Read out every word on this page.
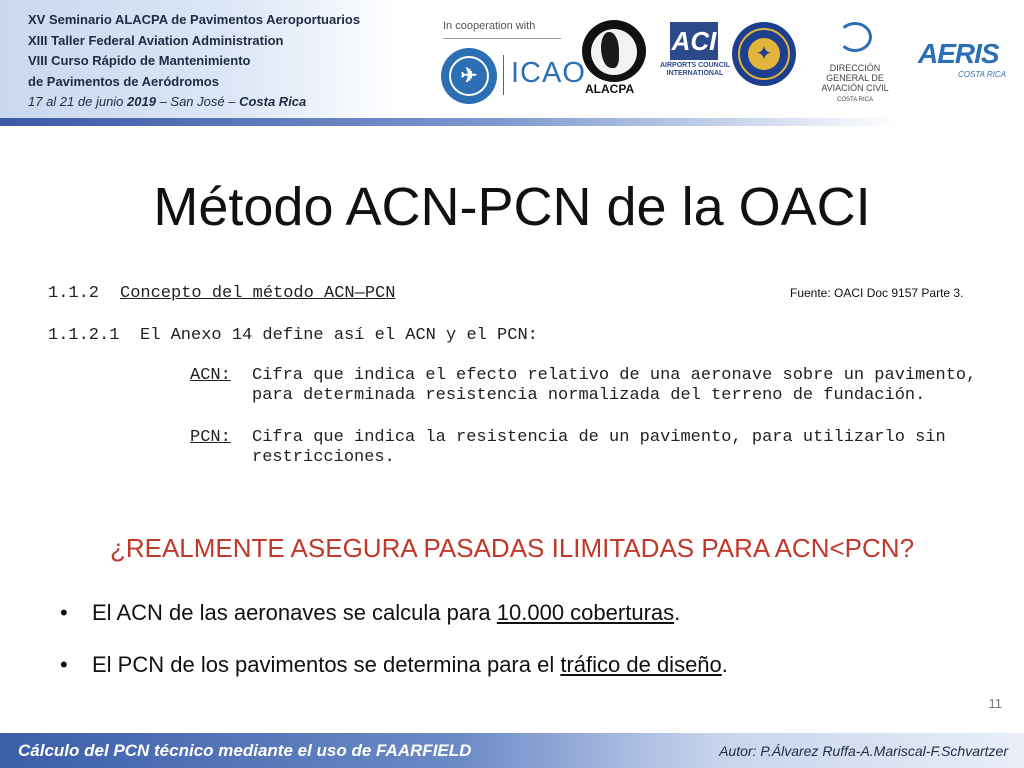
XV Seminario ALACPA de Pavimentos Aeroportuarios
XIII Taller Federal Aviation Administration
VIII Curso Rápido de Mantenimiento
de Pavimentos de Aeródromos
17 al 21 de junio 2019 – San José – Costa Rica
In cooperation with
✈ ICAO ALACPA
ACI
AIRPORTS COUNCIL INTERNATIONAL
✦
DIRECCIÓN GENERAL DE AVIACIÓN CIVIL
COSTA RICA
AERIS
COSTA RICA
Método ACN-PCN de la OACI
Fuente: OACI Doc 9157 Parte 3.
1.1.2 Concepto del método ACN—PCN
1.1.2.1 El Anexo 14 define así el ACN y el PCN:
ACN: Cifra que indica el efecto relativo de una aeronave sobre un pavimento,
para determinada resistencia normalizada del terreno de fundación.
PCN: Cifra que indica la resistencia de un pavimento, para utilizarlo sin
restricciones.
¿REALMENTE ASEGURA PASADAS ILIMITADAS PARA ACN<PCN?
• El ACN de las aeronaves se calcula para 10.000 coberturas.
• El PCN de los pavimentos se determina para el tráfico de diseño.
11
Cálculo del PCN técnico mediante el uso de FAARFIELD	Autor: P.Álvarez Ruffa-A.Mariscal-F.Schvartzer
